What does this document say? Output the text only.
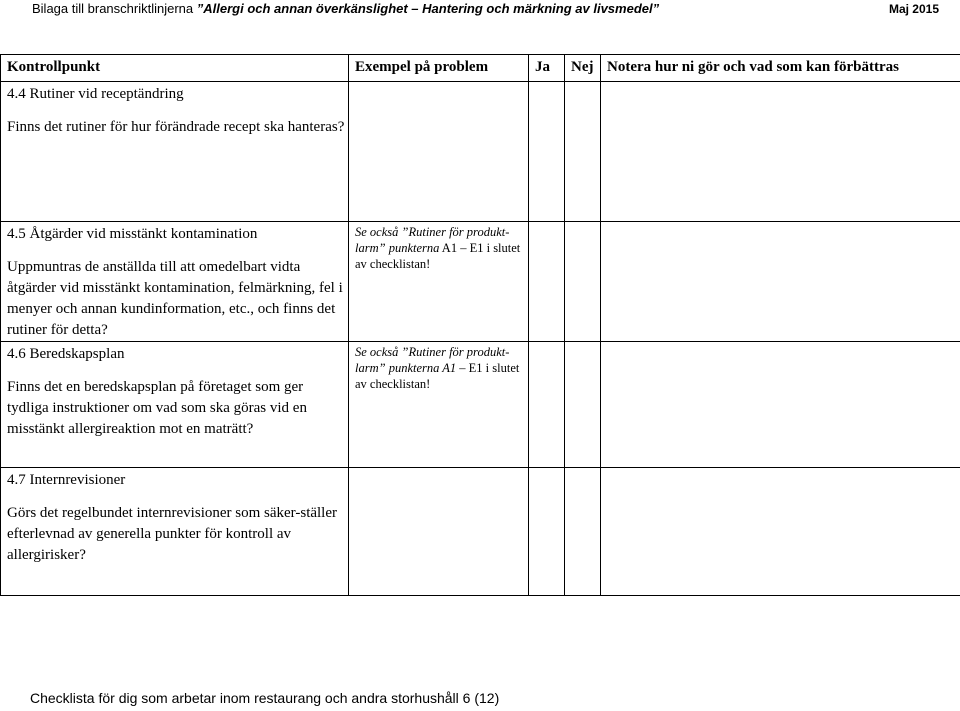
Bilaga till branschriktlinjerna ”Allergi och annan överkänslighet – Hantering och märkning av livsmedel”	Maj 2015
Kontrollpunkt	Exempel på problem	Ja	Nej	Notera hur ni gör och vad som kan förbättras

4.4 Rutiner vid receptändring
Finns det rutiner för hur förändrade recept ska hanteras?				

4.5 Åtgärder vid misstänkt kontamination
Uppmuntras de anställda till att omedelbart vidta åtgärder vid misstänkt kontamination, felmärkning, fel i menyer och annan kundinformation, etc., och finns det rutiner för detta?	Se också ”Rutiner för produkt-larm” punkterna A1 – E1 i slutet av checklistan!			

4.6 Beredskapsplan
Finns det en beredskapsplan på företaget som ger tydliga instruktioner om vad som ska göras vid en misstänkt allergireaktion mot en maträtt?	Se också ”Rutiner för produkt-larm” punkterna A1 – E1 i slutet av checklistan!			

4.7 Internrevisioner
Görs det regelbundet internrevisioner som säker-ställer efterlevnad av generella punkter för kontroll av allergirisker?				

Checklista för dig som arbetar inom restaurang och andra storhushåll 6 (12)
